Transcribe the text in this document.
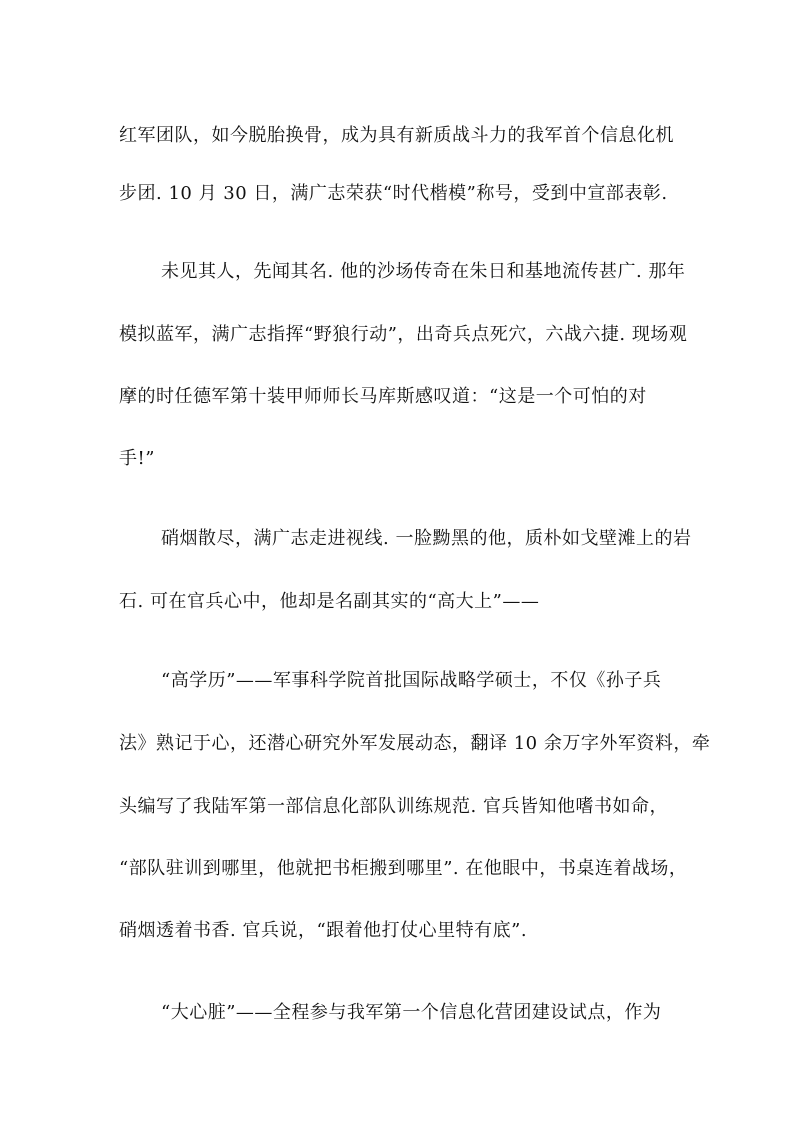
红军团队，如今脱胎换骨，成为具有新质战斗力的我军首个信息化机
步团. 10 月 30 日，满广志荣获“时代楷模”称号，受到中宣部表彰.
未见其人，先闻其名. 他的沙场传奇在朱日和基地流传甚广. 那年
模拟蓝军，满广志指挥“野狼行动”，出奇兵点死穴，六战六捷. 现场观
摩的时任德军第十装甲师师长马库斯感叹道：“这是一个可怕的对
手!”
硝烟散尽，满广志走进视线. 一脸黝黑的他，质朴如戈壁滩上的岩
石. 可在官兵心中，他却是名副其实的“高大上”——
“高学历”——军事科学院首批国际战略学硕士，不仅《孙子兵
法》熟记于心，还潜心研究外军发展动态，翻译 10 余万字外军资料，牵
头编写了我陆军第一部信息化部队训练规范. 官兵皆知他嗜书如命，
“部队驻训到哪里，他就把书柜搬到哪里”. 在他眼中，书桌连着战场，
硝烟透着书香. 官兵说，“跟着他打仗心里特有底”.
“大心脏”——全程参与我军第一个信息化营团建设试点，作为
